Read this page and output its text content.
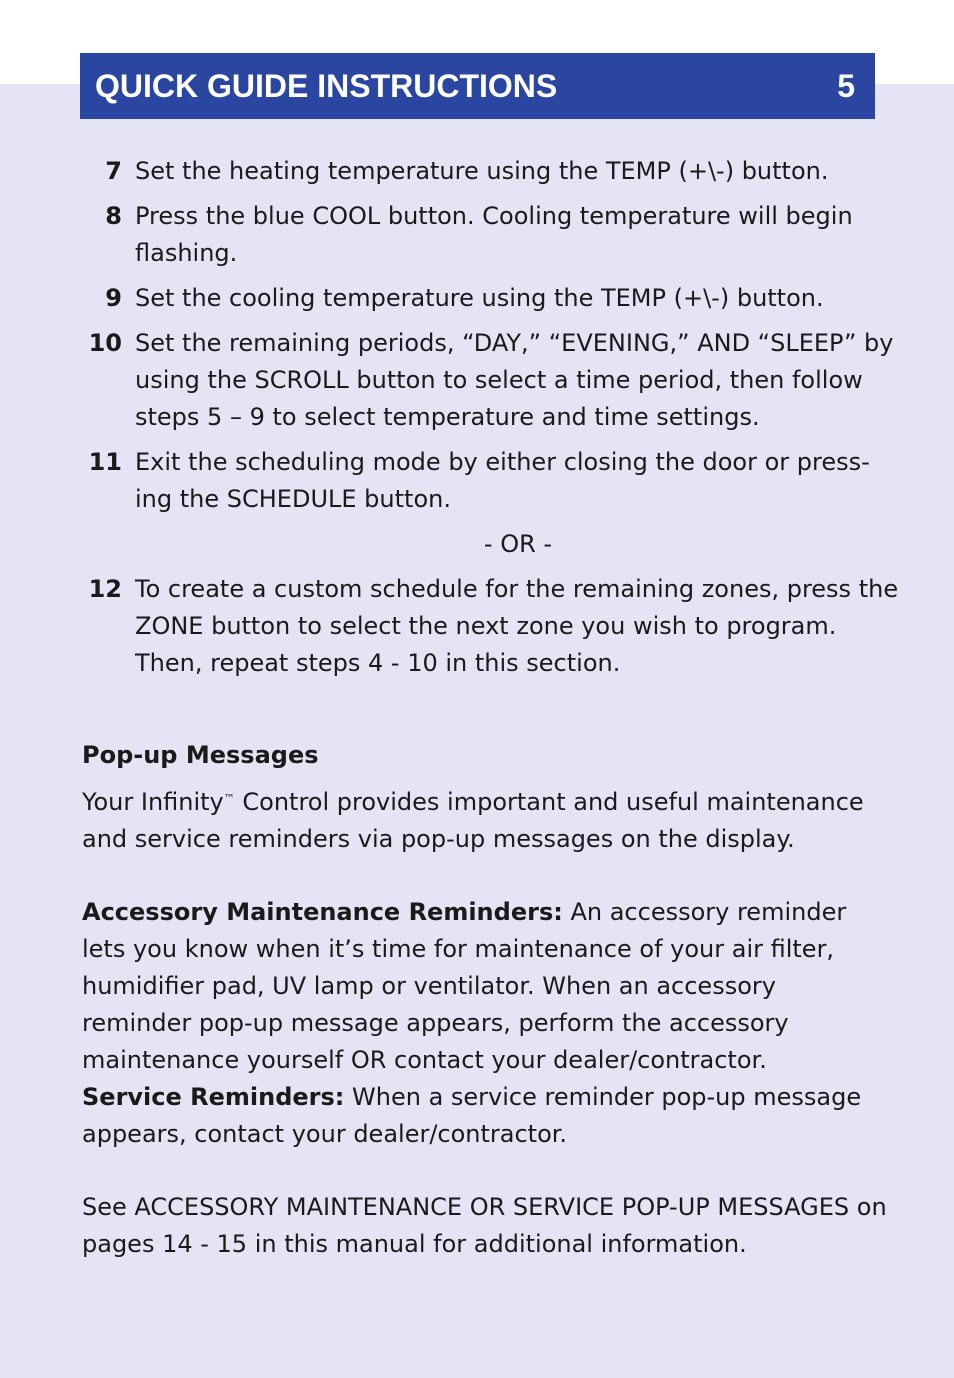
QUICK GUIDE INSTRUCTIONS	5
7 Set the heating temperature using the TEMP (+\-) button.
8 Press the blue COOL button. Cooling temperature will begin flashing.
9 Set the cooling temperature using the TEMP (+\-) button.
10 Set the remaining periods, “DAY,” “EVENING,” AND “SLEEP” by using the SCROLL button to select a time period, then follow steps 5 – 9 to select temperature and time settings.
11 Exit the scheduling mode by either closing the door or press-ing the SCHEDULE button.
- OR -
12 To create a custom schedule for the remaining zones, press the ZONE button to select the next zone you wish to program. Then, repeat steps 4 - 10 in this section.
Pop-up Messages

Your Infinity™ Control provides important and useful maintenance and service reminders via pop-up messages on the display.

Accessory Maintenance Reminders: An accessory reminder lets you know when it’s time for maintenance of your air filter, humidifier pad, UV lamp or ventilator. When an accessory reminder pop-up message appears, perform the accessory maintenance yourself OR contact your dealer/contractor.

Service Reminders: When a service reminder pop-up message appears, contact your dealer/contractor.

See ACCESSORY MAINTENANCE OR SERVICE POP-UP MESSAGES on pages 14 - 15 in this manual for additional information.
